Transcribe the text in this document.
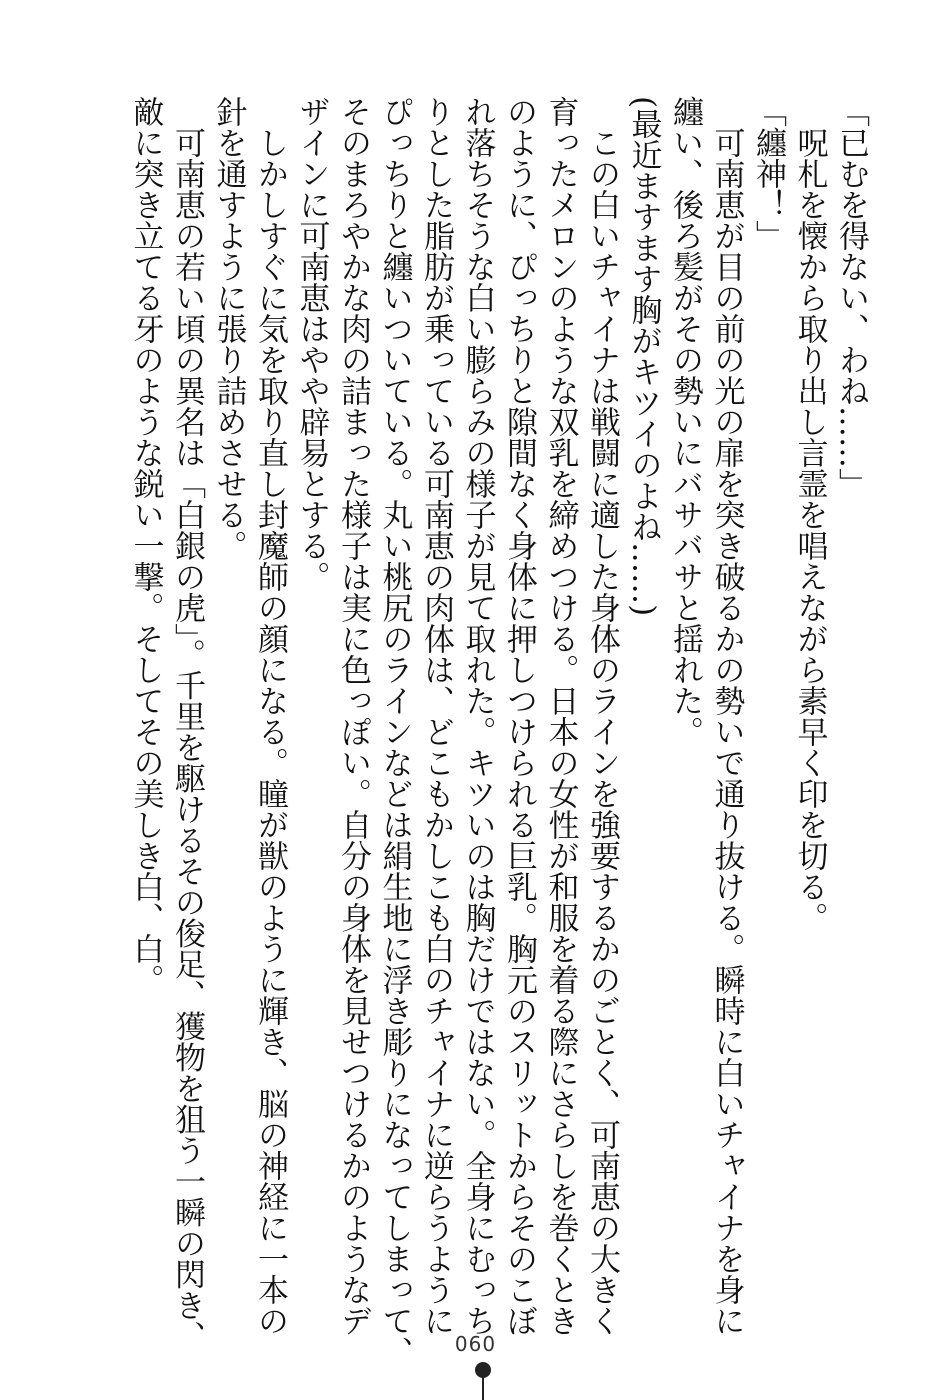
「已むを得ない、わね……」
呪札を懐から取り出し言霊を唱えながら素早く印を切る。
「纏神！」
可南恵が目の前の光の扉を突き破るかの勢いで通り抜ける。瞬時に白いチャイナを身に
纏い、後ろ髪がその勢いにバサバサと揺れた。
(最近ますます胸がキツイのよね……)
この白いチャイナは戦闘に適した身体のラインを強要するかのごとく、可南恵の大きく
育ったメロンのような双乳を締めつける。日本の女性が和服を着る際にさらしを巻くとき
のように、ぴっちりと隙間なく身体に押しつけられる巨乳。胸元のスリットからそのこぼ
れ落ちそうな白い膨らみの様子が見て取れた。キツいのは胸だけではない。全身にむっち
りとした脂肪が乗っている可南恵の肉体は、どこもかしこも白のチャイナに逆らうように
ぴっちりと纏いついている。丸い桃尻のラインなどは絹生地に浮き彫りになってしまって、
そのまろやかな肉の詰まった様子は実に色っぽい。自分の身体を見せつけるかのようなデ
ザインに可南恵はやや辟易とする。
しかしすぐに気を取り直し封魔師の顔になる。瞳が獣のように輝き、脳の神経に一本の
針を通すように張り詰めさせる。
可南恵の若い頃の異名は「白銀の虎」。千里を駆けるその俊足、獲物を狙う一瞬の閃き、
敵に突き立てる牙のような鋭い一撃。そしてその美しき白、白。
060
